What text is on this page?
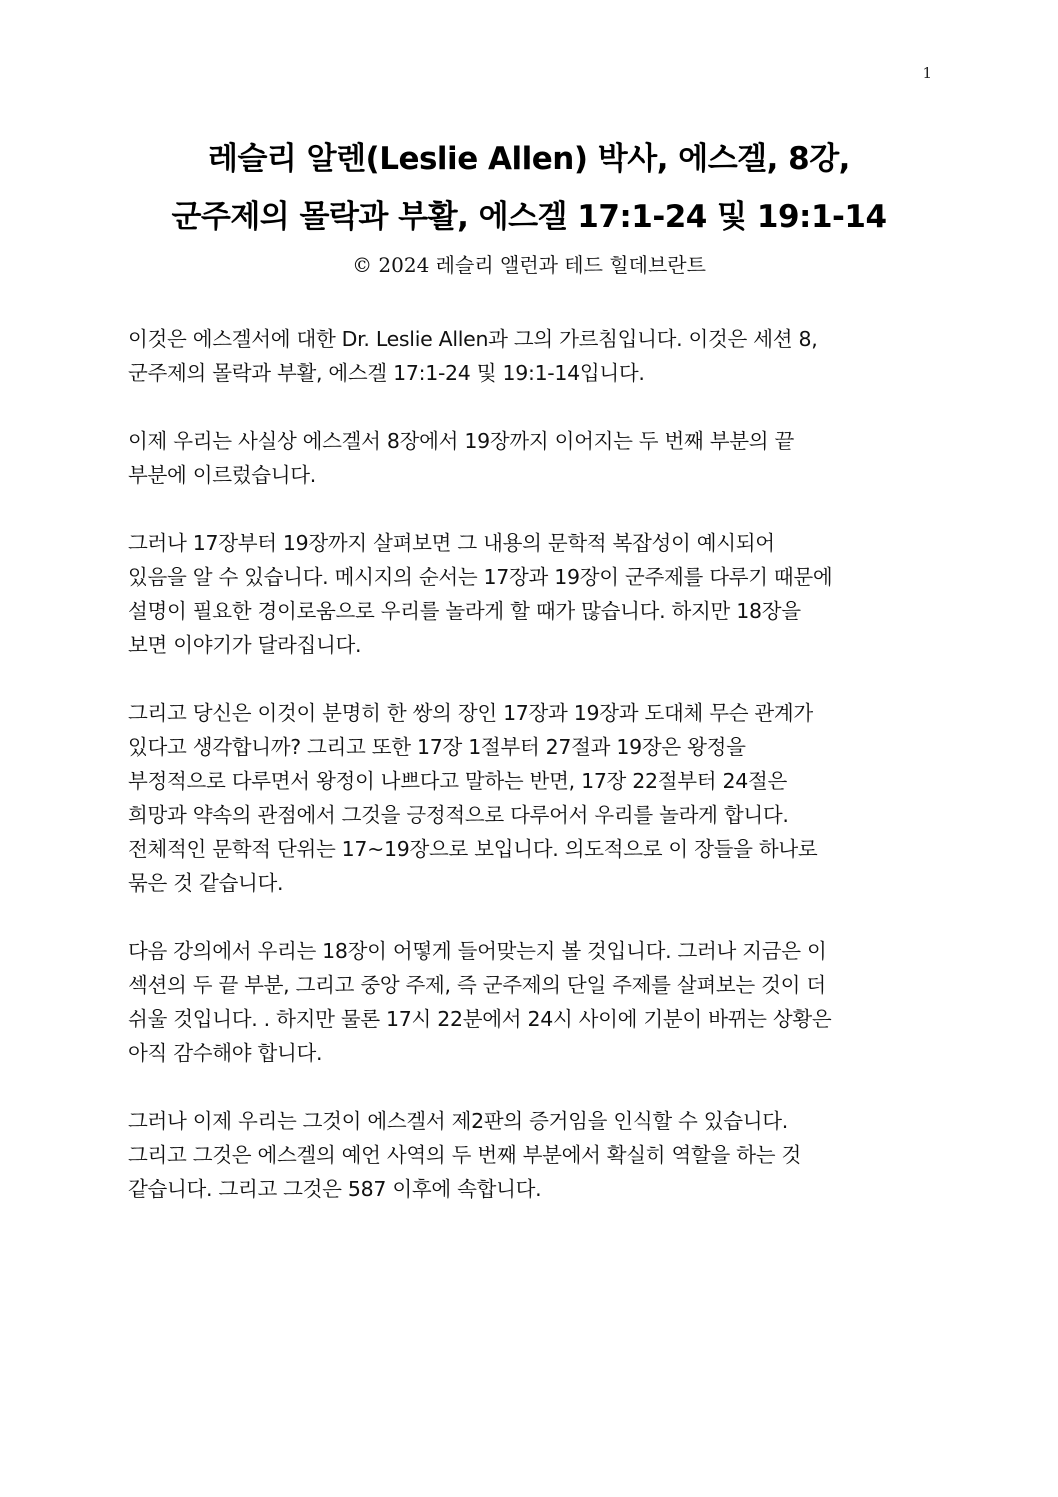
1
레슬리 알렌(Leslie Allen) 박사, 에스겔, 8강,
군주제의 몰락과 부활, 에스겔 17:1-24 및 19:1-14
© 2024 레슬리 앨런과 테드 힐데브란트

이것은 에스겔서에 대한 Dr. Leslie Allen과 그의 가르침입니다. 이것은 세션 8,
군주제의 몰락과 부활, 에스겔 17:1-24 및 19:1-14입니다.

이제 우리는 사실상 에스겔서 8장에서 19장까지 이어지는 두 번째 부분의 끝
부분에 이르렀습니다.

그러나 17장부터 19장까지 살펴보면 그 내용의 문학적 복잡성이 예시되어
있음을 알 수 있습니다. 메시지의 순서는 17장과 19장이 군주제를 다루기 때문에
설명이 필요한 경이로움으로 우리를 놀라게 할 때가 많습니다. 하지만 18장을
보면 이야기가 달라집니다.

그리고 당신은 이것이 분명히 한 쌍의 장인 17장과 19장과 도대체 무슨 관계가
있다고 생각합니까? 그리고 또한 17장 1절부터 27절과 19장은 왕정을
부정적으로 다루면서 왕정이 나쁘다고 말하는 반면, 17장 22절부터 24절은
희망과 약속의 관점에서 그것을 긍정적으로 다루어서 우리를 놀라게 합니다.
전체적인 문학적 단위는 17~19장으로 보입니다. 의도적으로 이 장들을 하나로
묶은 것 같습니다.

다음 강의에서 우리는 18장이 어떻게 들어맞는지 볼 것입니다. 그러나 지금은 이
섹션의 두 끝 부분, 그리고 중앙 주제, 즉 군주제의 단일 주제를 살펴보는 것이 더
쉬울 것입니다. . 하지만 물론 17시 22분에서 24시 사이에 기분이 바뀌는 상황은
아직 감수해야 합니다.

그러나 이제 우리는 그것이 에스겔서 제2판의 증거임을 인식할 수 있습니다.
그리고 그것은 에스겔의 예언 사역의 두 번째 부분에서 확실히 역할을 하는 것
같습니다. 그리고 그것은 587 이후에 속합니다.
